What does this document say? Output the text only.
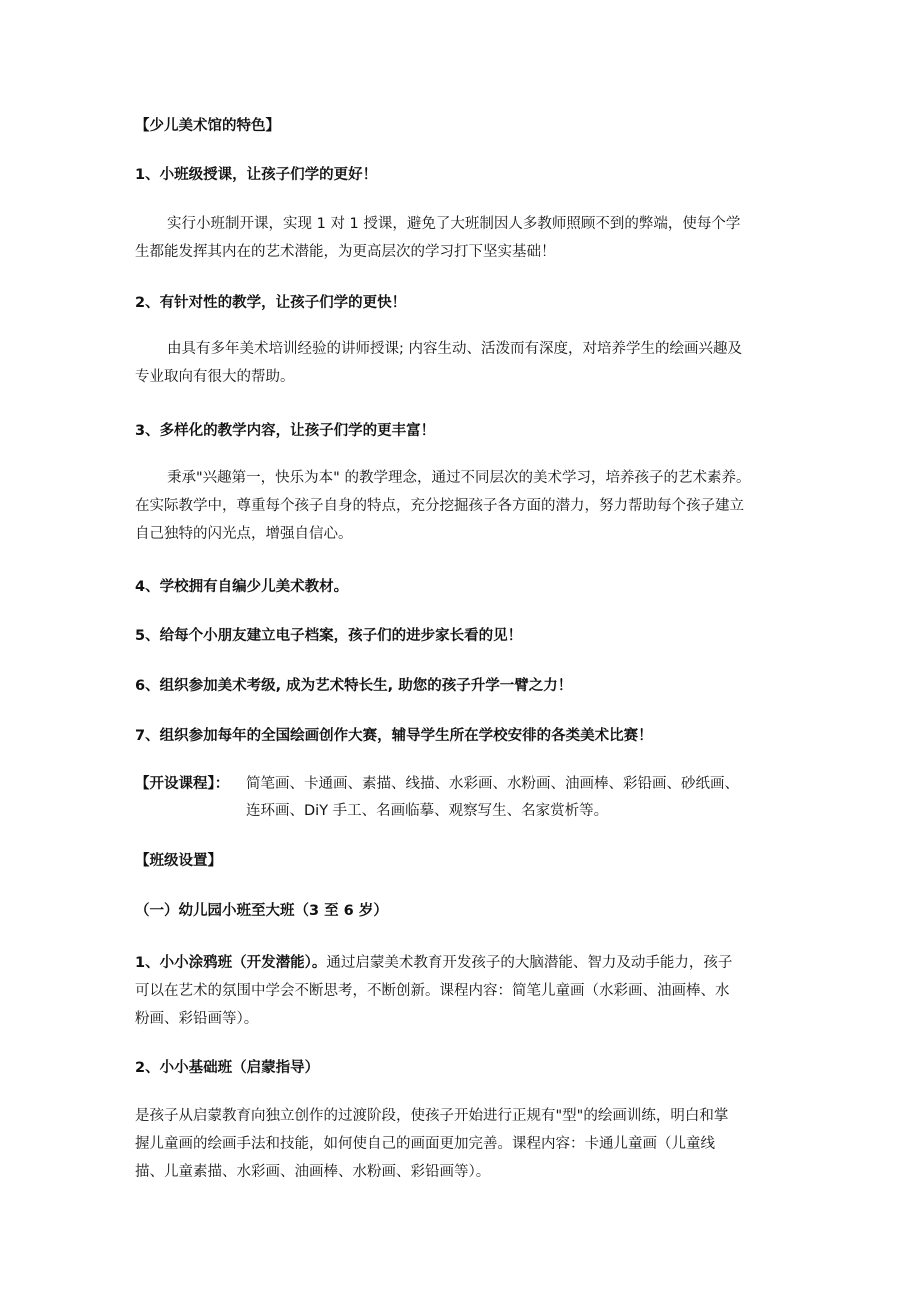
【少儿美术馆的特色】
1、小班级授课，让孩子们学的更好！
实行小班制开课，实现 1 对 1 授课，避免了大班制因人多教师照顾不到的弊端，使每个学
生都能发挥其内在的艺术潜能，为更高层次的学习打下坚实基础！
2、有针对性的教学，让孩子们学的更快！
由具有多年美术培训经验的讲师授课; 内容生动、活泼而有深度，对培养学生的绘画兴趣及
专业取向有很大的帮助。
3、多样化的教学内容，让孩子们学的更丰富！
秉承"兴趣第一，快乐为本" 的教学理念，通过不同层次的美术学习，培养孩子的艺术素养。
在实际教学中，尊重每个孩子自身的特点，充分挖掘孩子各方面的潜力，努力帮助每个孩子建立
自己独特的闪光点，增强自信心。
4、学校拥有自编少儿美术教材。
5、给每个小朋友建立电子档案，孩子们的进步家长看的见！
6、组织参加美术考级, 成为艺术特长生, 助您的孩子升学一臂之力！
7、组织参加每年的全国绘画创作大赛，辅导学生所在学校安徘的各类美术比赛！
【开设课程】： 简笔画、卡通画、素描、线描、水彩画、水粉画、油画棒、彩铅画、砂纸画、
连环画、DiY 手工、名画临摹、观察写生、名家赏析等。
【班级设置】
（一）幼儿园小班至大班（3 至 6 岁）
1、小小涂鸦班（开发潜能）。通过启蒙美术教育开发孩子的大脑潜能、智力及动手能力，孩子
可以在艺术的氛围中学会不断思考，不断创新。课程内容：简笔儿童画（水彩画、油画棒、水
粉画、彩铅画等）。
2、小小基础班（启蒙指导）
是孩子从启蒙教育向独立创作的过渡阶段，使孩子开始进行正规有"型"的绘画训练，明白和掌
握儿童画的绘画手法和技能，如何使自己的画面更加完善。课程内容：卡通儿童画（儿童线
描、儿童素描、水彩画、油画棒、水粉画、彩铅画等）。
